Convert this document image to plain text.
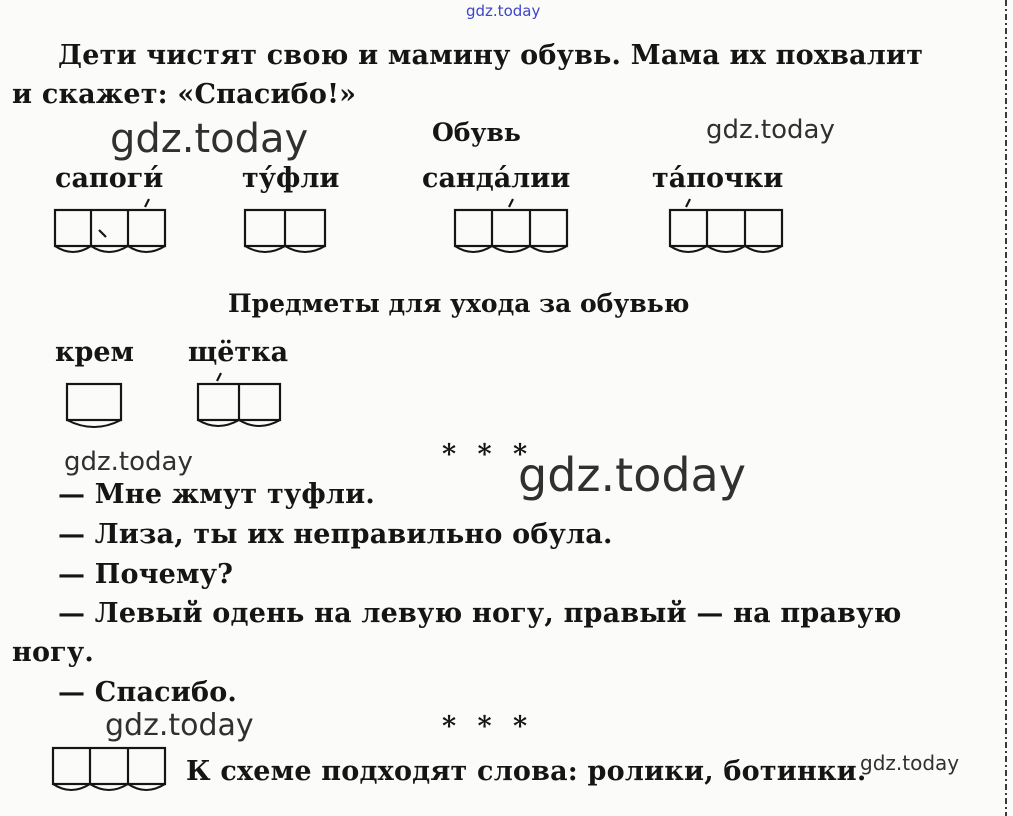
gdz.today
Дети чистят свою и мамину обувь. Мама их похвалит
и скажет: «Спасибо!»
gdz.today	gdz.today
Обувь
сапоги́	ту́фли	санда́лии	та́почки
Предметы для ухода за обувью
крем щётка
* * *
gdz.today	gdz.today
— Мне жмут туфли.
— Лиза, ты их неправильно обула.
— Почему?
— Левый одень на левую ногу, правый — на правую
ногу.
— Спасибо.
gdz.today	* * *
К схеме подходят слова: ролики, ботинки.
gdz.today
